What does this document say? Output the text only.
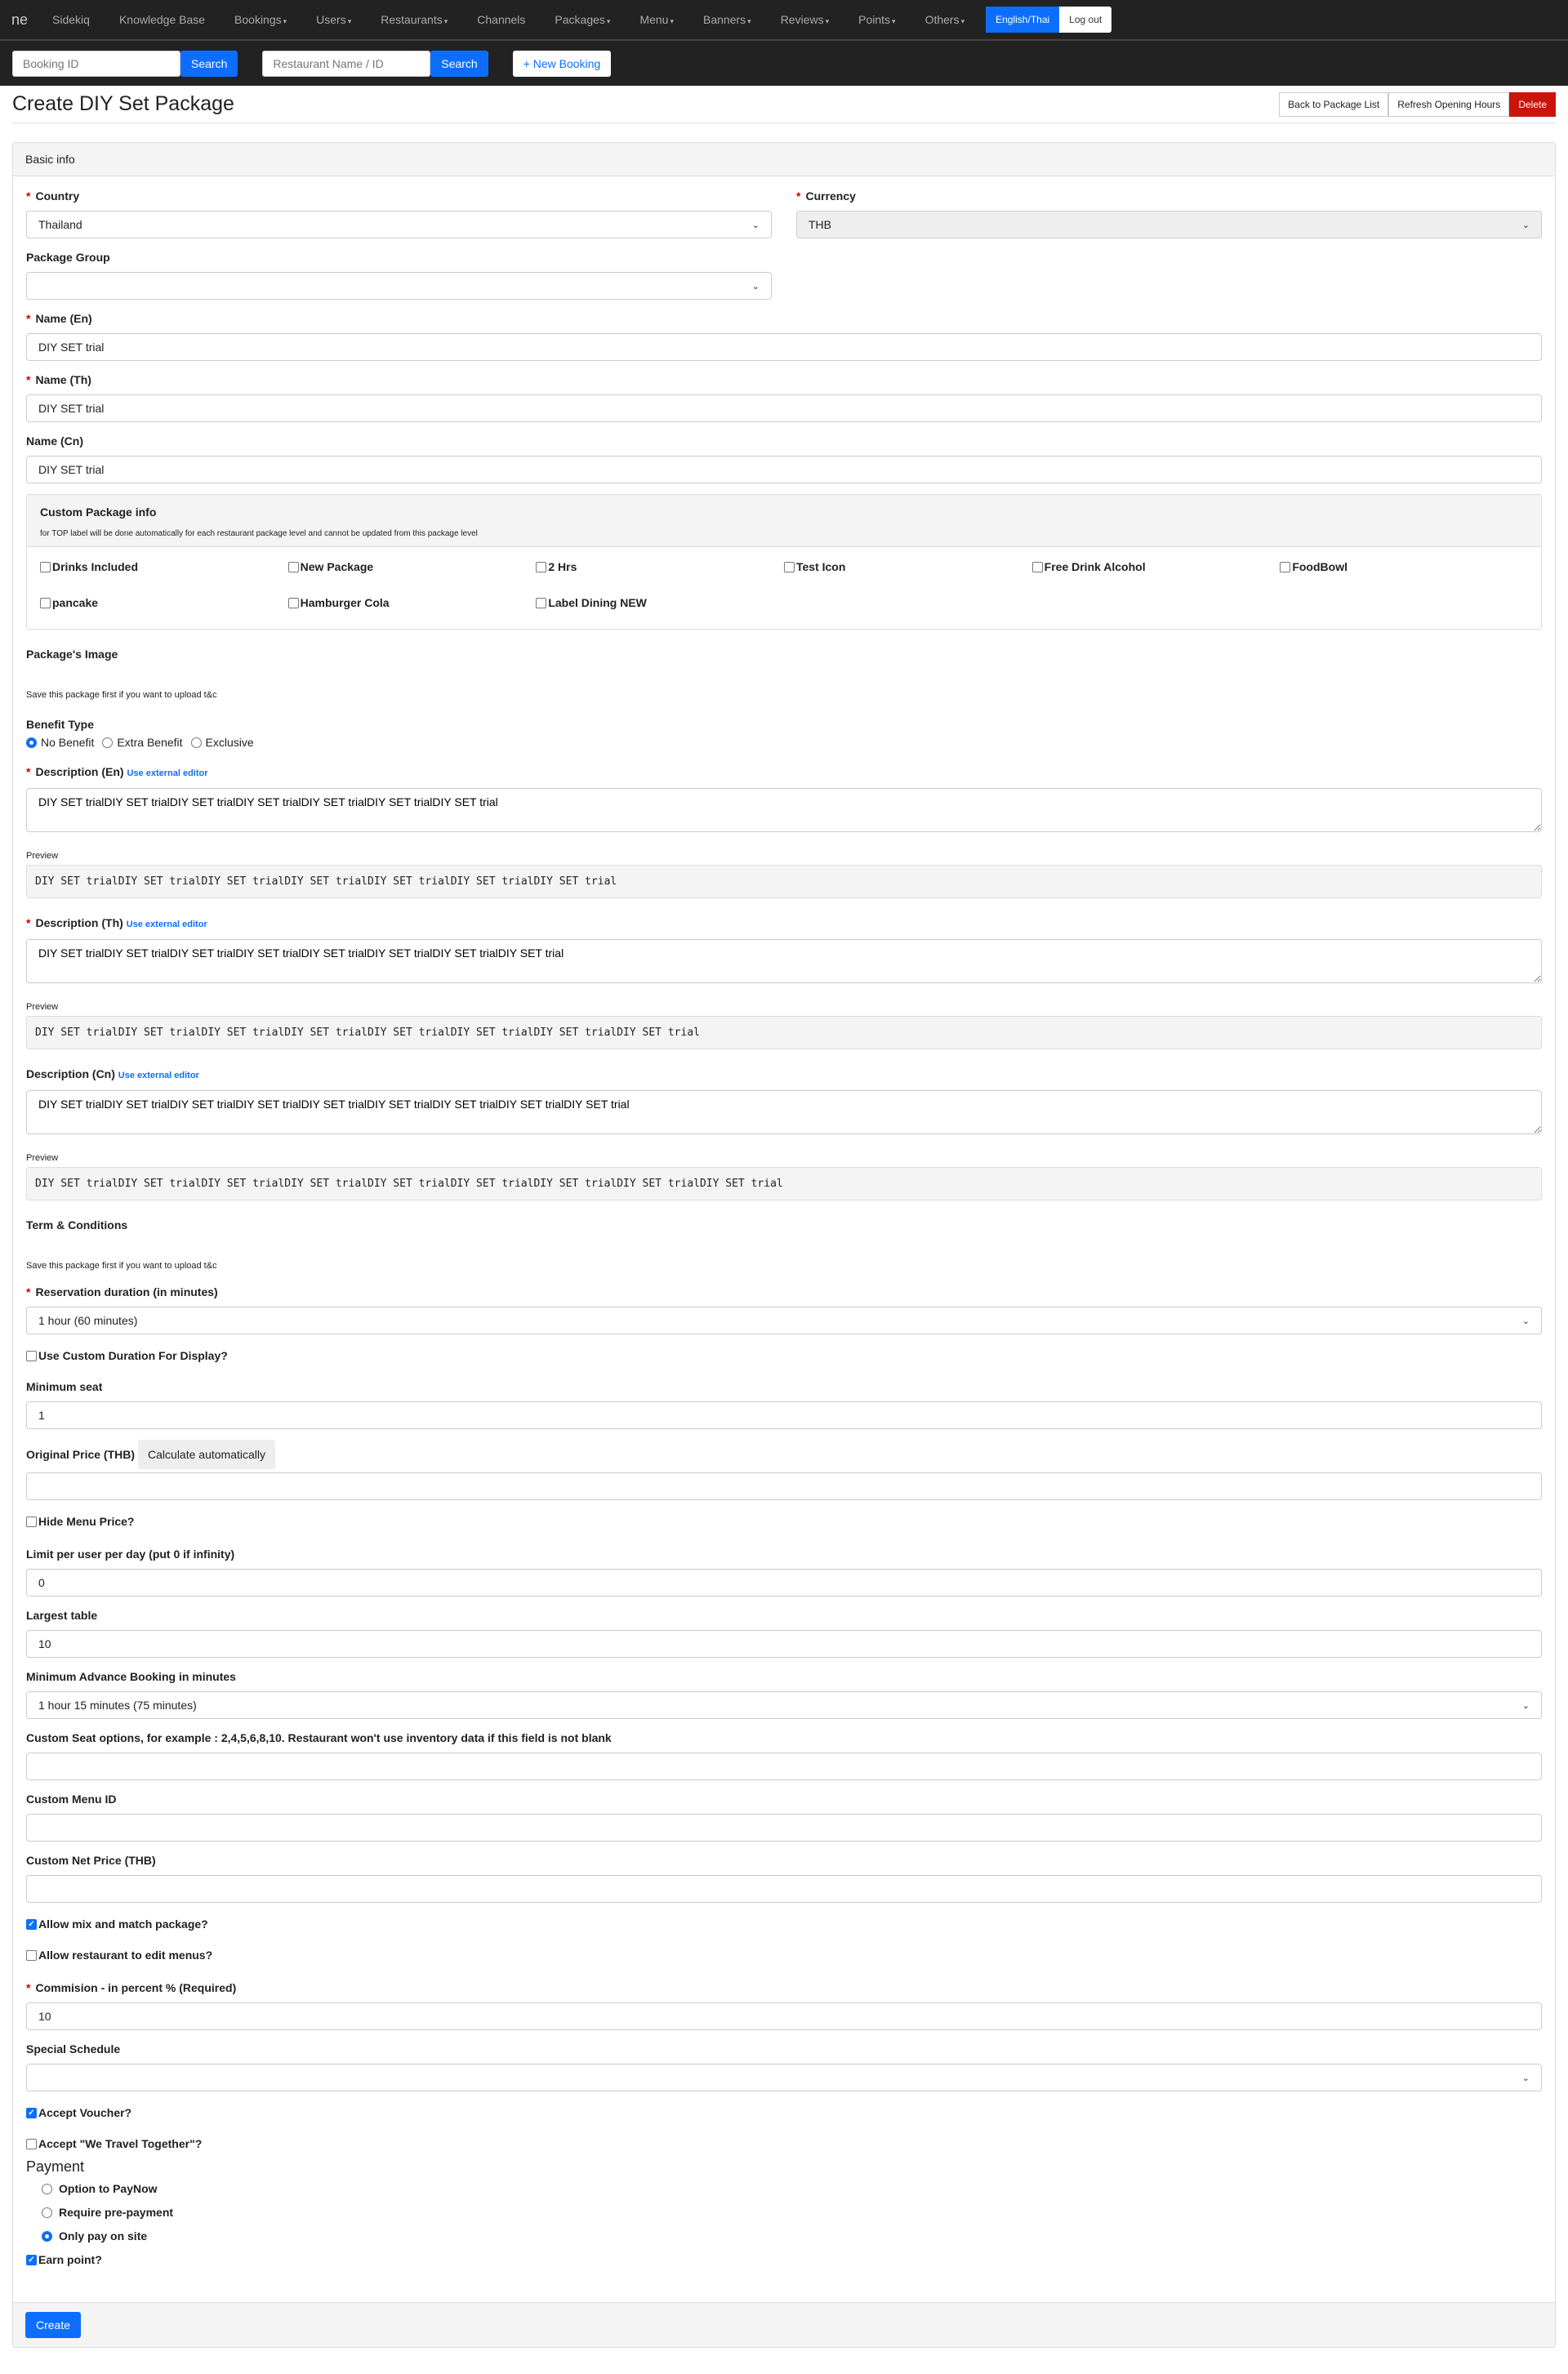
ne Sidekiq	Knowledge Base	Bookings ▾	Users ▾	Restaurants ▾	Channels	Packages ▾	Menu ▾	Banners ▾	Reviews ▾	Points ▾	Others ▾	English/Thai	Log out
Booking ID
Search
Restaurant Name / ID	Search	+ New Booking
Create DIY Set Package	Back to Package List	Refresh Opening Hours	Delete
Basic info
* Country
Thailand	⌄
* Currency
THB	⌄
Package Group
⌄
* Name (En)
DIY SET trial
* Name (Th)
DIY SET trial
Name (Cn)
DIY SET trial
Custom Package info
for TOP label will be done automatically for each restaurant package level and cannot be updated from this package level
Drinks Included	New Package	2 Hrs	Test Icon	Free Drink Alcohol	FoodBowl
pancake	Hamburger Cola	Label Dining NEW
Package's Image
Save this package first if you want to upload t&c
Benefit Type
No Benefit Extra Benefit Exclusive
* Description (En) Use external editor
DIY SET trialDIY SET trialDIY SET trialDIY SET trialDIY SET trialDIY SET trialDIY SET trial
Preview
DIY SET trialDIY SET trialDIY SET trialDIY SET trialDIY SET trialDIY SET trialDIY SET trial
* Description (Th) Use external editor
DIY SET trialDIY SET trialDIY SET trialDIY SET trialDIY SET trialDIY SET trialDIY SET trialDIY SET trial
Preview
DIY SET trialDIY SET trialDIY SET trialDIY SET trialDIY SET trialDIY SET trialDIY SET trialDIY SET trial
Description (Cn) Use external editor
DIY SET trialDIY SET trialDIY SET trialDIY SET trialDIY SET trialDIY SET trialDIY SET trialDIY SET trialDIY SET trial
Preview
DIY SET trialDIY SET trialDIY SET trialDIY SET trialDIY SET trialDIY SET trialDIY SET trialDIY SET trialDIY SET trial
Term & Conditions
Save this package first if you want to upload t&c
* Reservation duration (in minutes)
1 hour (60 minutes)	⌄
Use Custom Duration For Display?
Minimum seat
1
Original Price (THB)	Calculate automatically
Hide Menu Price?
Limit per user per day (put 0 if infinity)
0
Largest table
10
Minimum Advance Booking in minutes
1 hour 15 minutes (75 minutes)	⌄
Custom Seat options, for example : 2,4,5,6,8,10. Restaurant won't use inventory data if this field is not blank
Custom Menu ID
Custom Net Price (THB)
✓ Allow mix and match package?
Allow restaurant to edit menus?
* Commision - in percent % (Required)
10
Special Schedule
⌄
✓ Accept Voucher?
Accept "We Travel Together"?
Payment
Option to PayNow
Require pre-payment
Only pay on site
✓ Earn point?
Create
